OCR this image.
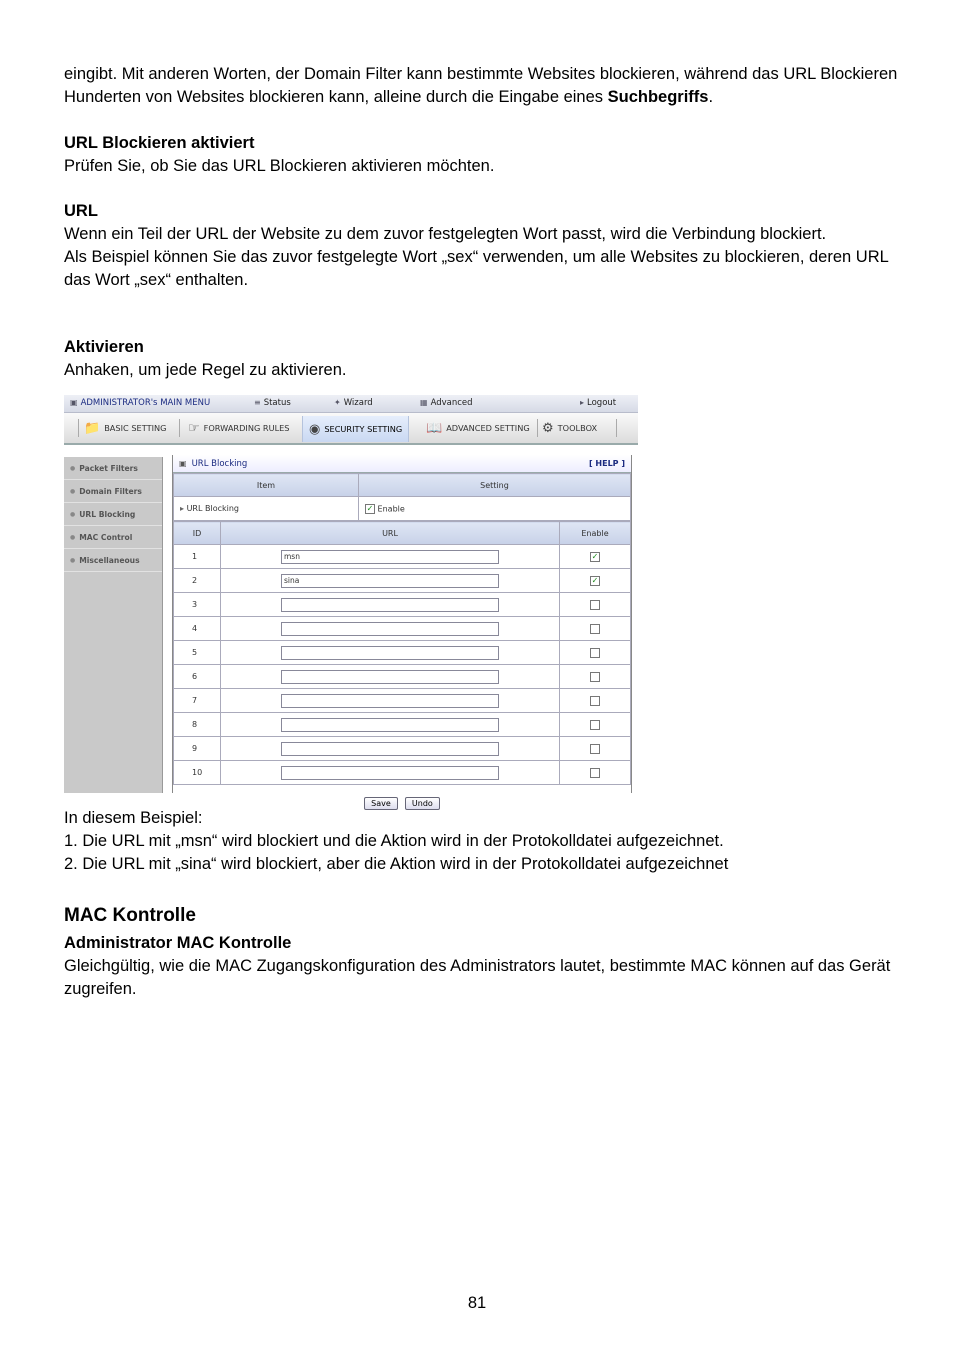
eingibt. Mit anderen Worten, der Domain Filter kann bestimmte Websites blockieren, während das URL Blockieren Hunderten von Websites blockieren kann, alleine durch die Eingabe eines Suchbegriffs.

URL Blockieren aktiviert
Prüfen Sie, ob Sie das URL Blockieren aktivieren möchten.

URL
Wenn ein Teil der URL der Website zu dem zuvor festgelegten Wort passt, wird die Verbindung blockiert.
Als Beispiel können Sie das zuvor festgelegte Wort „sex“ verwenden, um alle Websites zu blockieren, deren URL das Wort „sex“ enthalten.

Aktivieren
Anhaken, um jede Regel zu aktivieren.

▣ ADMINISTRATOR's MAIN MENU	≡ Status	✦ Wizard	▦ Advanced	▸ Logout
📁 BASIC SETTING ☞ FORWARDING RULES ◉ SECURITY SETTING 📖 ADVANCED SETTING ⚙ TOOLBOX
● Packet Filters
● Domain Filters
● URL Blocking
● MAC Control
● Miscellaneous
▣ URL Blocking	[ HELP ]
Item	Setting
▸ URL Blocking	✓ Enable
ID	URL	Enable
1	msn	✓
2	sina	✓
3		
4		
5		
6		
7		
8		
9		
10		
Save	Undo

In diesem Beispiel:
1. Die URL mit „msn“ wird blockiert und die Aktion wird in der Protokolldatei aufgezeichnet.
2. Die URL mit „sina“ wird blockiert, aber die Aktion wird in der Protokolldatei aufgezeichnet

MAC Kontrolle

Administrator MAC Kontrolle
Gleichgültig, wie die MAC Zugangskonfiguration des Administrators lautet, bestimmte MAC können auf das Gerät zugreifen.

81
